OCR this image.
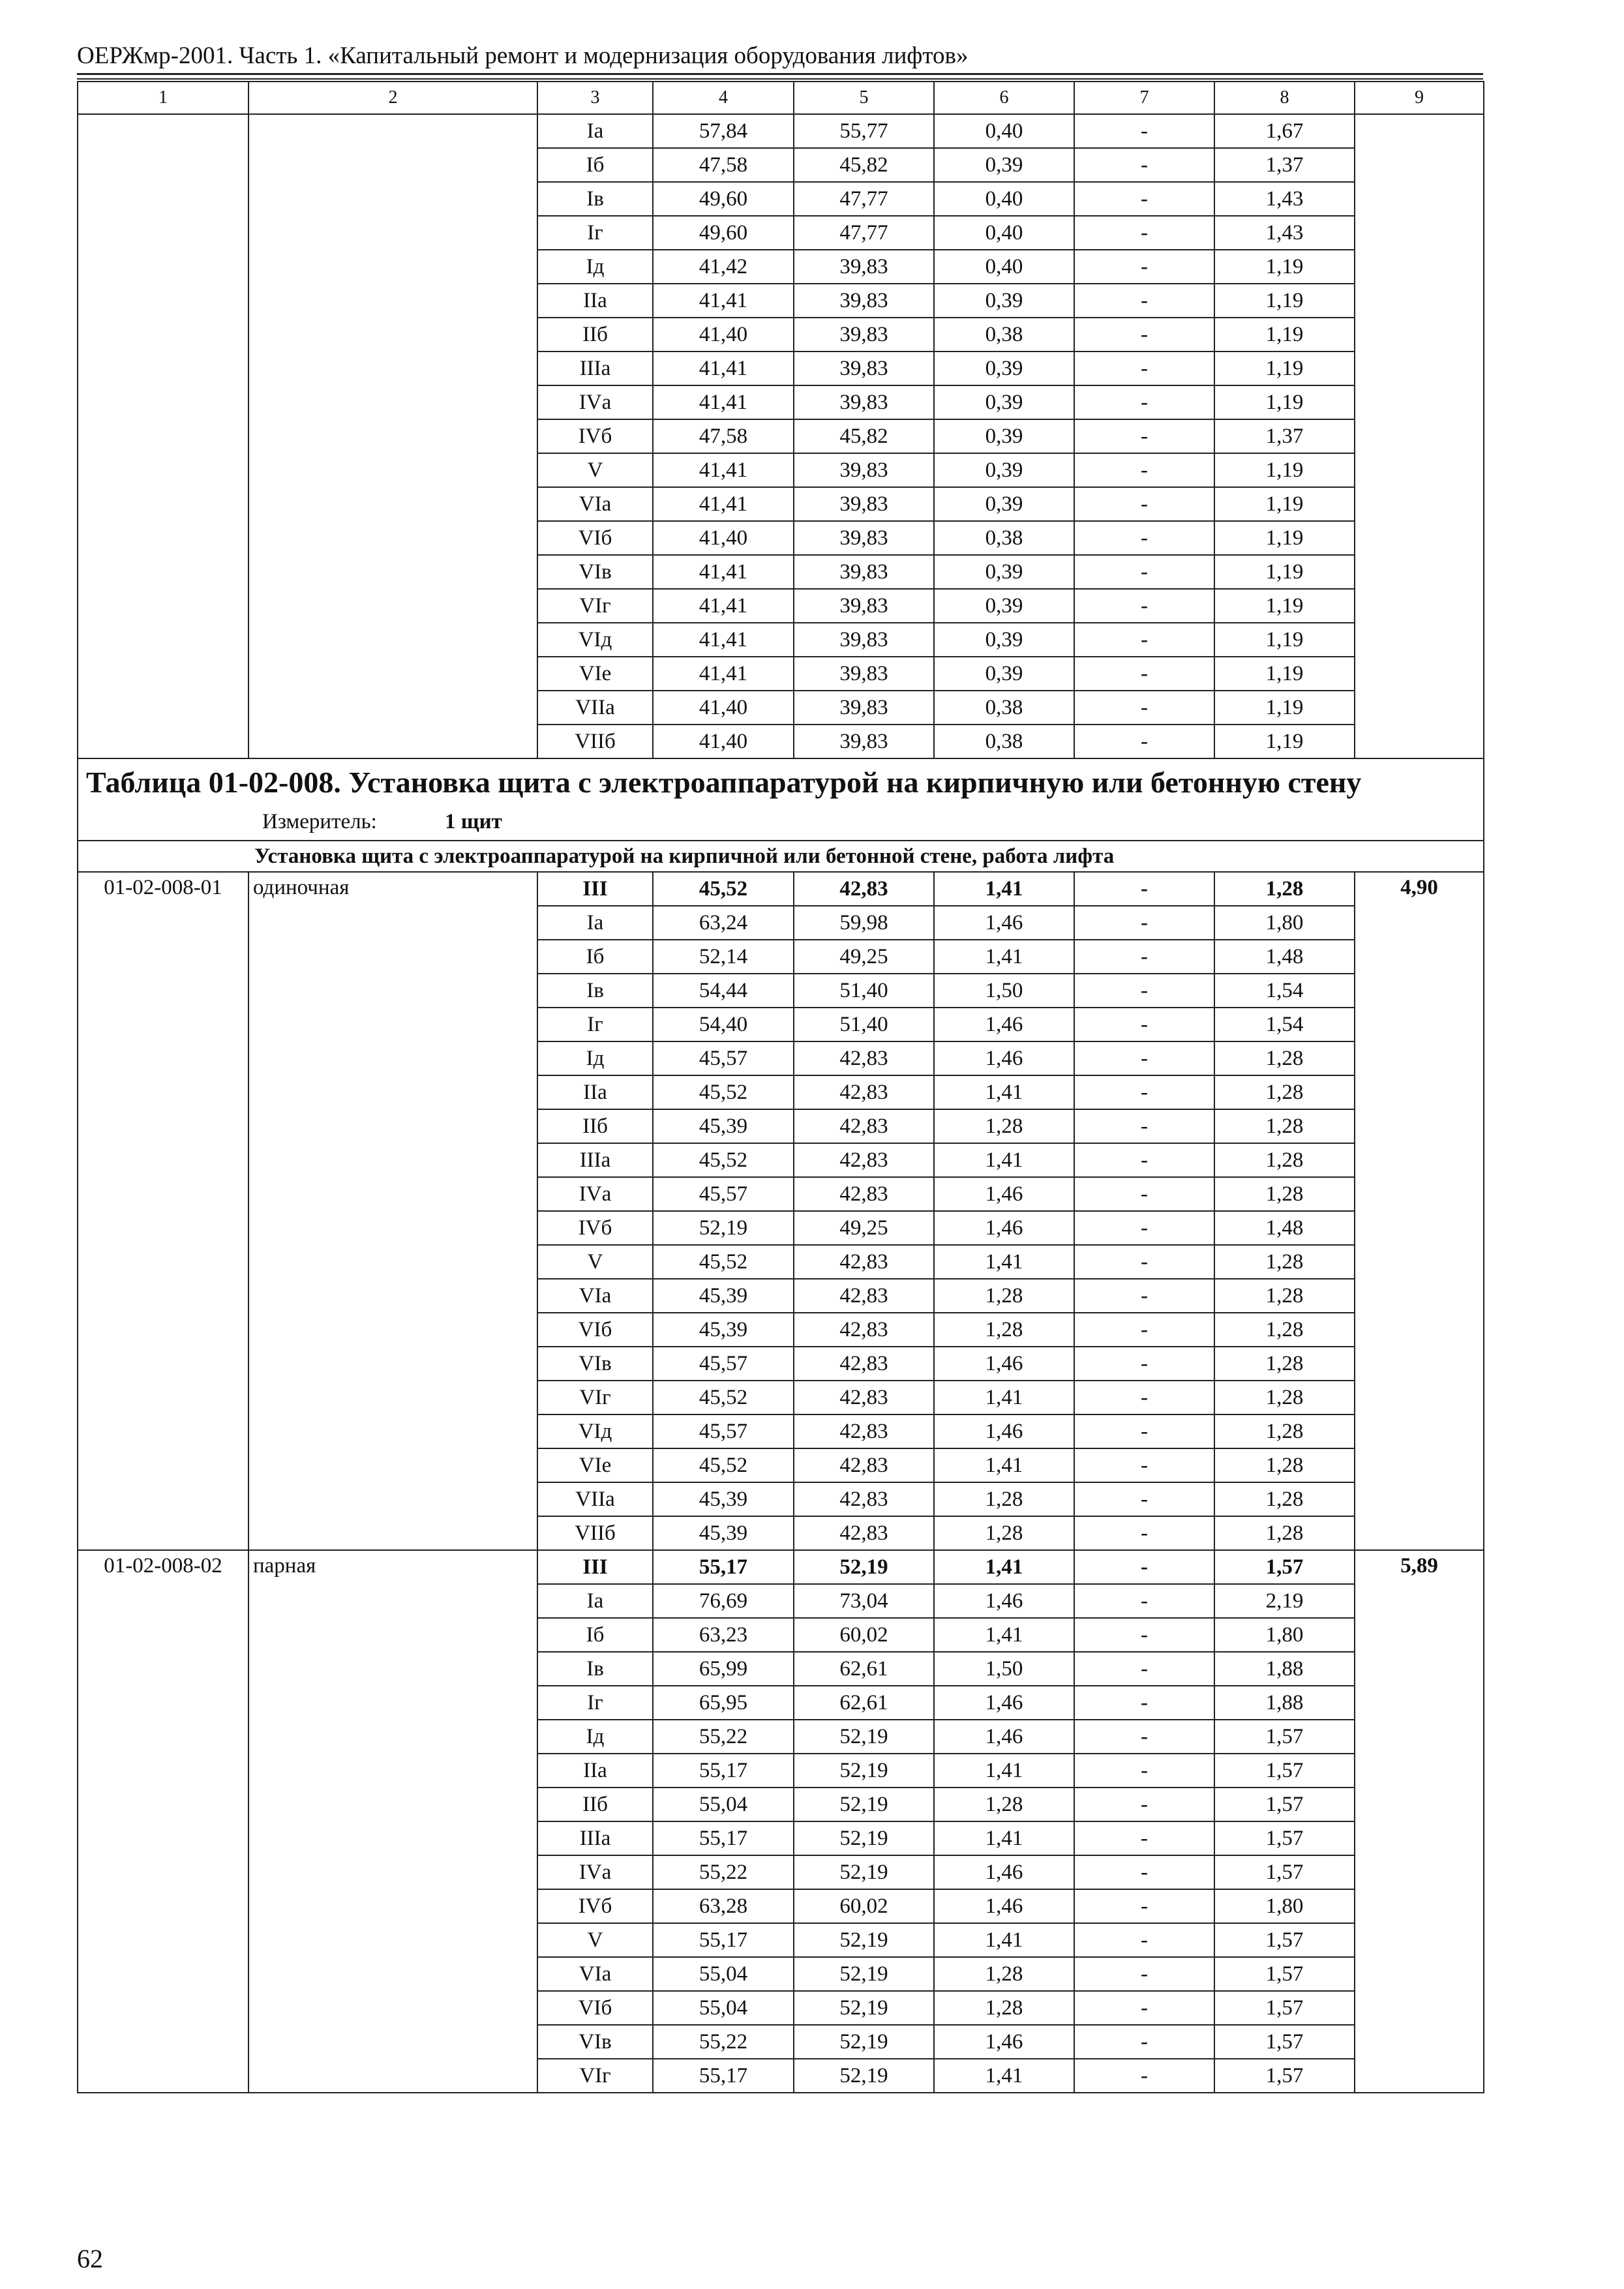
ОЕРЖмр-2001. Часть 1. «Капитальный ремонт и модернизация оборудования лифтов»
1	2	3	4	5	6	7	8	9
		Iа	57,84	55,77	0,40	-	1,67	
		Iб	47,58	45,82	0,39	-	1,37	
		Iв	49,60	47,77	0,40	-	1,43	
		Iг	49,60	47,77	0,40	-	1,43	
		Iд	41,42	39,83	0,40	-	1,19	
		IIа	41,41	39,83	0,39	-	1,19	
		IIб	41,40	39,83	0,38	-	1,19	
		IIIа	41,41	39,83	0,39	-	1,19	
		IVа	41,41	39,83	0,39	-	1,19	
		IVб	47,58	45,82	0,39	-	1,37	
		V	41,41	39,83	0,39	-	1,19	
		VIа	41,41	39,83	0,39	-	1,19	
		VIб	41,40	39,83	0,38	-	1,19	
		VIв	41,41	39,83	0,39	-	1,19	
		VIг	41,41	39,83	0,39	-	1,19	
		VIд	41,41	39,83	0,39	-	1,19	
		VIе	41,41	39,83	0,39	-	1,19	
		VIIа	41,40	39,83	0,38	-	1,19	
		VIIб	41,40	39,83	0,38	-	1,19	

Таблица 01-02-008. Установка щита с электроаппаратурой на кирпичную или бетонную стену
Измеритель: 1 щит								

Установка щита с электроаппаратурой на кирпичной или бетонной стене, работа лифта								
01-02-008-01	одиночная	III	45,52	42,83	1,41	-	1,28	4,90
		Iа	63,24	59,98	1,46	-	1,80	
		Iб	52,14	49,25	1,41	-	1,48	
		Iв	54,44	51,40	1,50	-	1,54	
		Iг	54,40	51,40	1,46	-	1,54	
		Iд	45,57	42,83	1,46	-	1,28	
		IIа	45,52	42,83	1,41	-	1,28	
		IIб	45,39	42,83	1,28	-	1,28	
		IIIа	45,52	42,83	1,41	-	1,28	
		IVа	45,57	42,83	1,46	-	1,28	
		IVб	52,19	49,25	1,46	-	1,48	
		V	45,52	42,83	1,41	-	1,28	
		VIа	45,39	42,83	1,28	-	1,28	
		VIб	45,39	42,83	1,28	-	1,28	
		VIв	45,57	42,83	1,46	-	1,28	
		VIг	45,52	42,83	1,41	-	1,28	
		VIд	45,57	42,83	1,46	-	1,28	
		VIе	45,52	42,83	1,41	-	1,28	
		VIIа	45,39	42,83	1,28	-	1,28	
		VIIб	45,39	42,83	1,28	-	1,28	
01-02-008-02	парная	III	55,17	52,19	1,41	-	1,57	5,89
		Iа	76,69	73,04	1,46	-	2,19	
		Iб	63,23	60,02	1,41	-	1,80	
		Iв	65,99	62,61	1,50	-	1,88	
		Iг	65,95	62,61	1,46	-	1,88	
		Iд	55,22	52,19	1,46	-	1,57	
		IIа	55,17	52,19	1,41	-	1,57	
		IIб	55,04	52,19	1,28	-	1,57	
		IIIа	55,17	52,19	1,41	-	1,57	
		IVа	55,22	52,19	1,46	-	1,57	
		IVб	63,28	60,02	1,46	-	1,80	
		V	55,17	52,19	1,41	-	1,57	
		VIа	55,04	52,19	1,28	-	1,57	
		VIб	55,04	52,19	1,28	-	1,57	
		VIв	55,22	52,19	1,46	-	1,57	
		VIг	55,17	52,19	1,41	-	1,57	
62
